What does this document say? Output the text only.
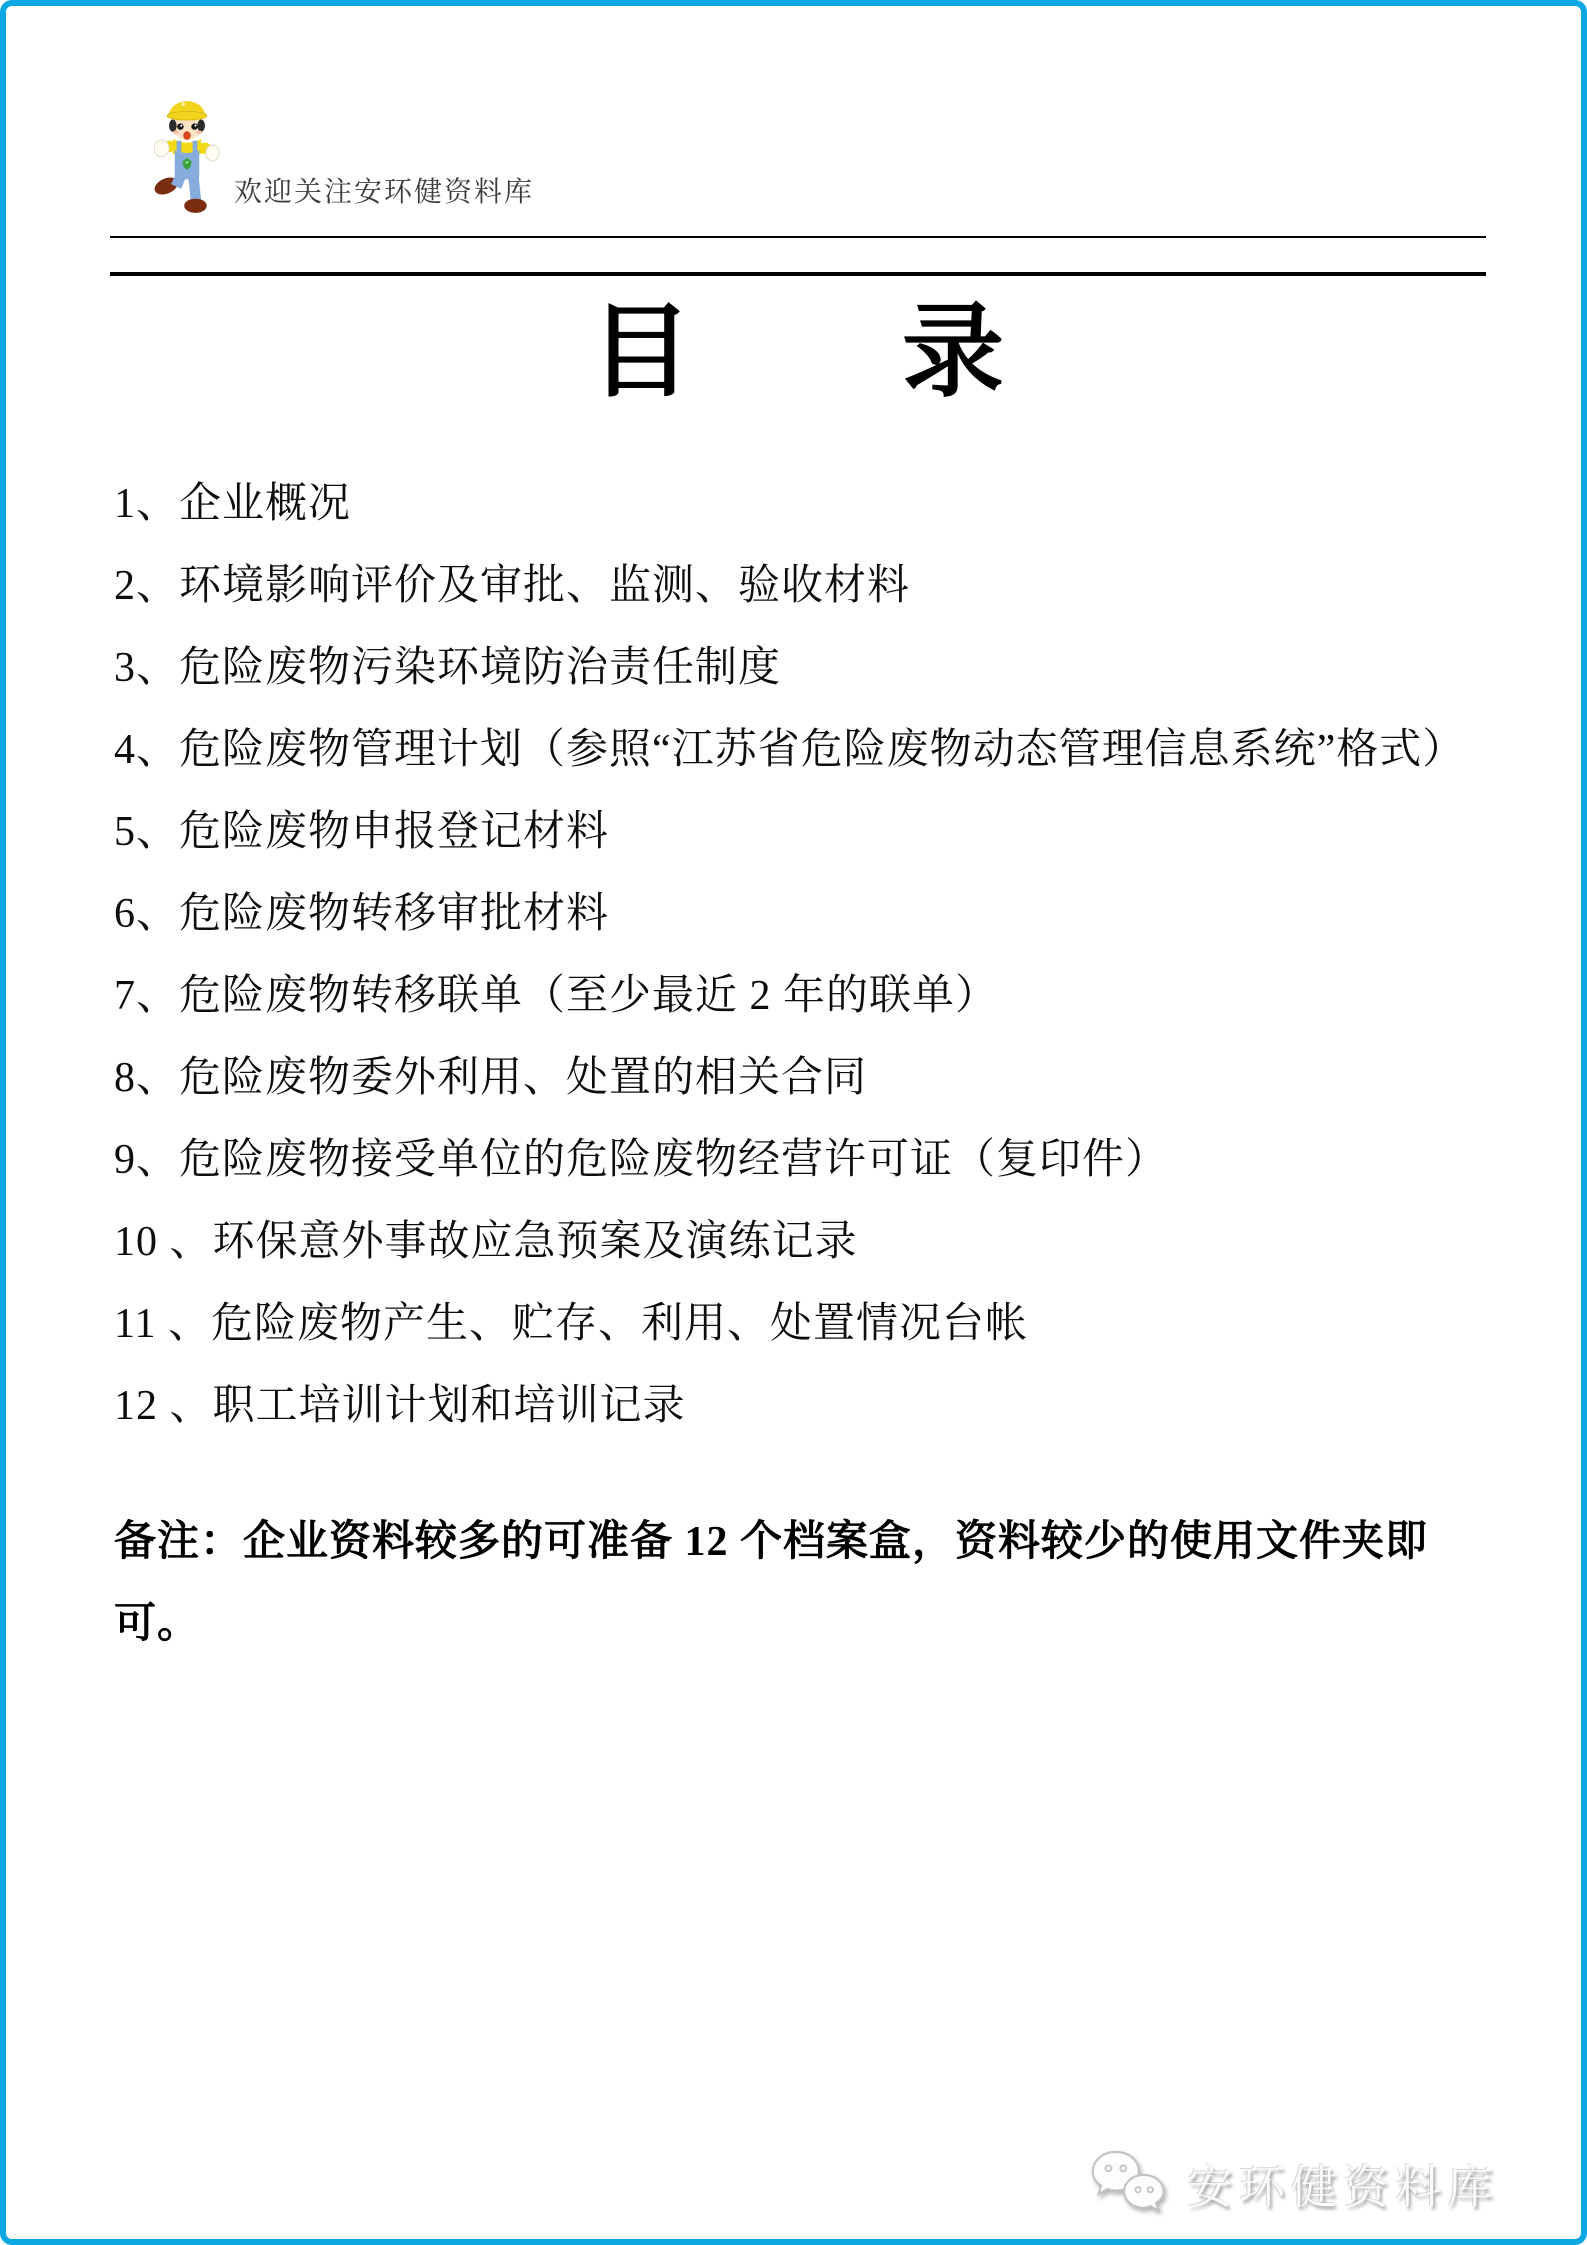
欢迎关注安环健资料库
目　　录
1、企业概况
2、环境影响评价及审批、监测、验收材料
3、危险废物污染环境防治责任制度
4、危险废物管理计划（参照“江苏省危险废物动态管理信息系统”格式）
5、危险废物申报登记材料
6、危险废物转移审批材料
7、危险废物转移联单（至少最近 2 年的联单）
8、危险废物委外利用、处置的相关合同
9、危险废物接受单位的危险废物经营许可证（复印件）
10 、环保意外事故应急预案及演练记录
11 、危险废物产生、贮存、利用、处置情况台帐
12 、职工培训计划和培训记录

备注：企业资料较多的可准备 12 个档案盒，资料较少的使用文件夹即可。

安环健资料库
